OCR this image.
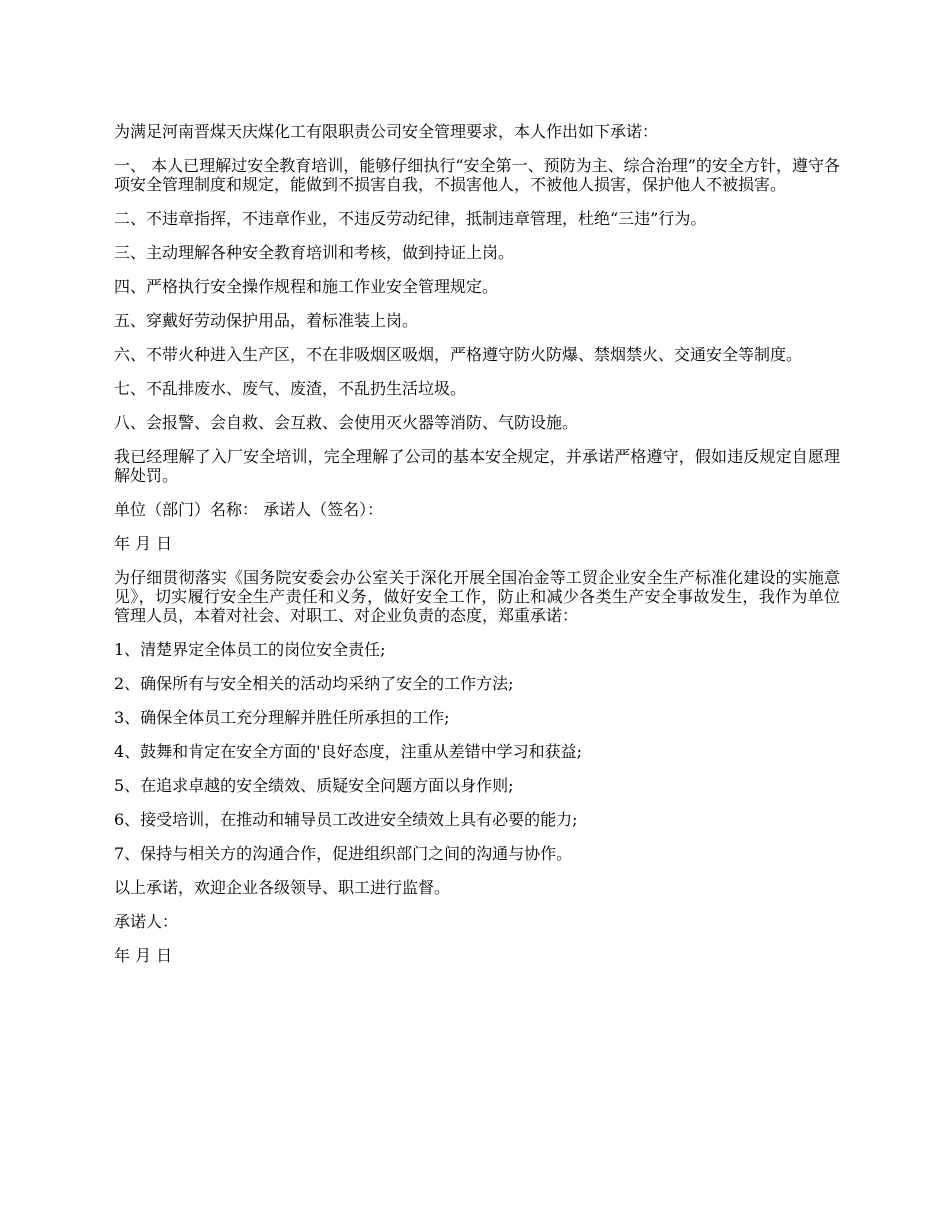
为满足河南晋煤天庆煤化工有限职责公司安全管理要求，本人作出如下承诺：

一、 本人已理解过安全教育培训，能够仔细执行“安全第一、预防为主、综合治理”的安全方针，遵守各项安全管理制度和规定，能做到不损害自我，不损害他人，不被他人损害，保护他人不被损害。

二、不违章指挥，不违章作业，不违反劳动纪律，抵制违章管理，杜绝“三违”行为。

三、主动理解各种安全教育培训和考核，做到持证上岗。

四、严格执行安全操作规程和施工作业安全管理规定。

五、穿戴好劳动保护用品，着标准装上岗。

六、不带火种进入生产区，不在非吸烟区吸烟，严格遵守防火防爆、禁烟禁火、交通安全等制度。

七、不乱排废水、废气、废渣，不乱扔生活垃圾。

八、会报警、会自救、会互救、会使用灭火器等消防、气防设施。

我已经理解了入厂安全培训，完全理解了公司的基本安全规定，并承诺严格遵守，假如违反规定自愿理解处罚。

单位（部门）名称： 承诺人（签名）：

年 月 日

为仔细贯彻落实《国务院安委会办公室关于深化开展全国冶金等工贸企业安全生产标准化建设的实施意见》，切实履行安全生产责任和义务，做好安全工作，防止和减少各类生产安全事故发生，我作为单位管理人员，本着对社会、对职工、对企业负责的态度，郑重承诺：

1、清楚界定全体员工的岗位安全责任;

2、确保所有与安全相关的活动均采纳了安全的工作方法;

3、确保全体员工充分理解并胜任所承担的工作;

4、鼓舞和肯定在安全方面的'良好态度，注重从差错中学习和获益;

5、在追求卓越的安全绩效、质疑安全问题方面以身作则;

6、接受培训，在推动和辅导员工改进安全绩效上具有必要的能力;

7、保持与相关方的沟通合作，促进组织部门之间的沟通与协作。

以上承诺，欢迎企业各级领导、职工进行监督。

承诺人：

年 月 日
